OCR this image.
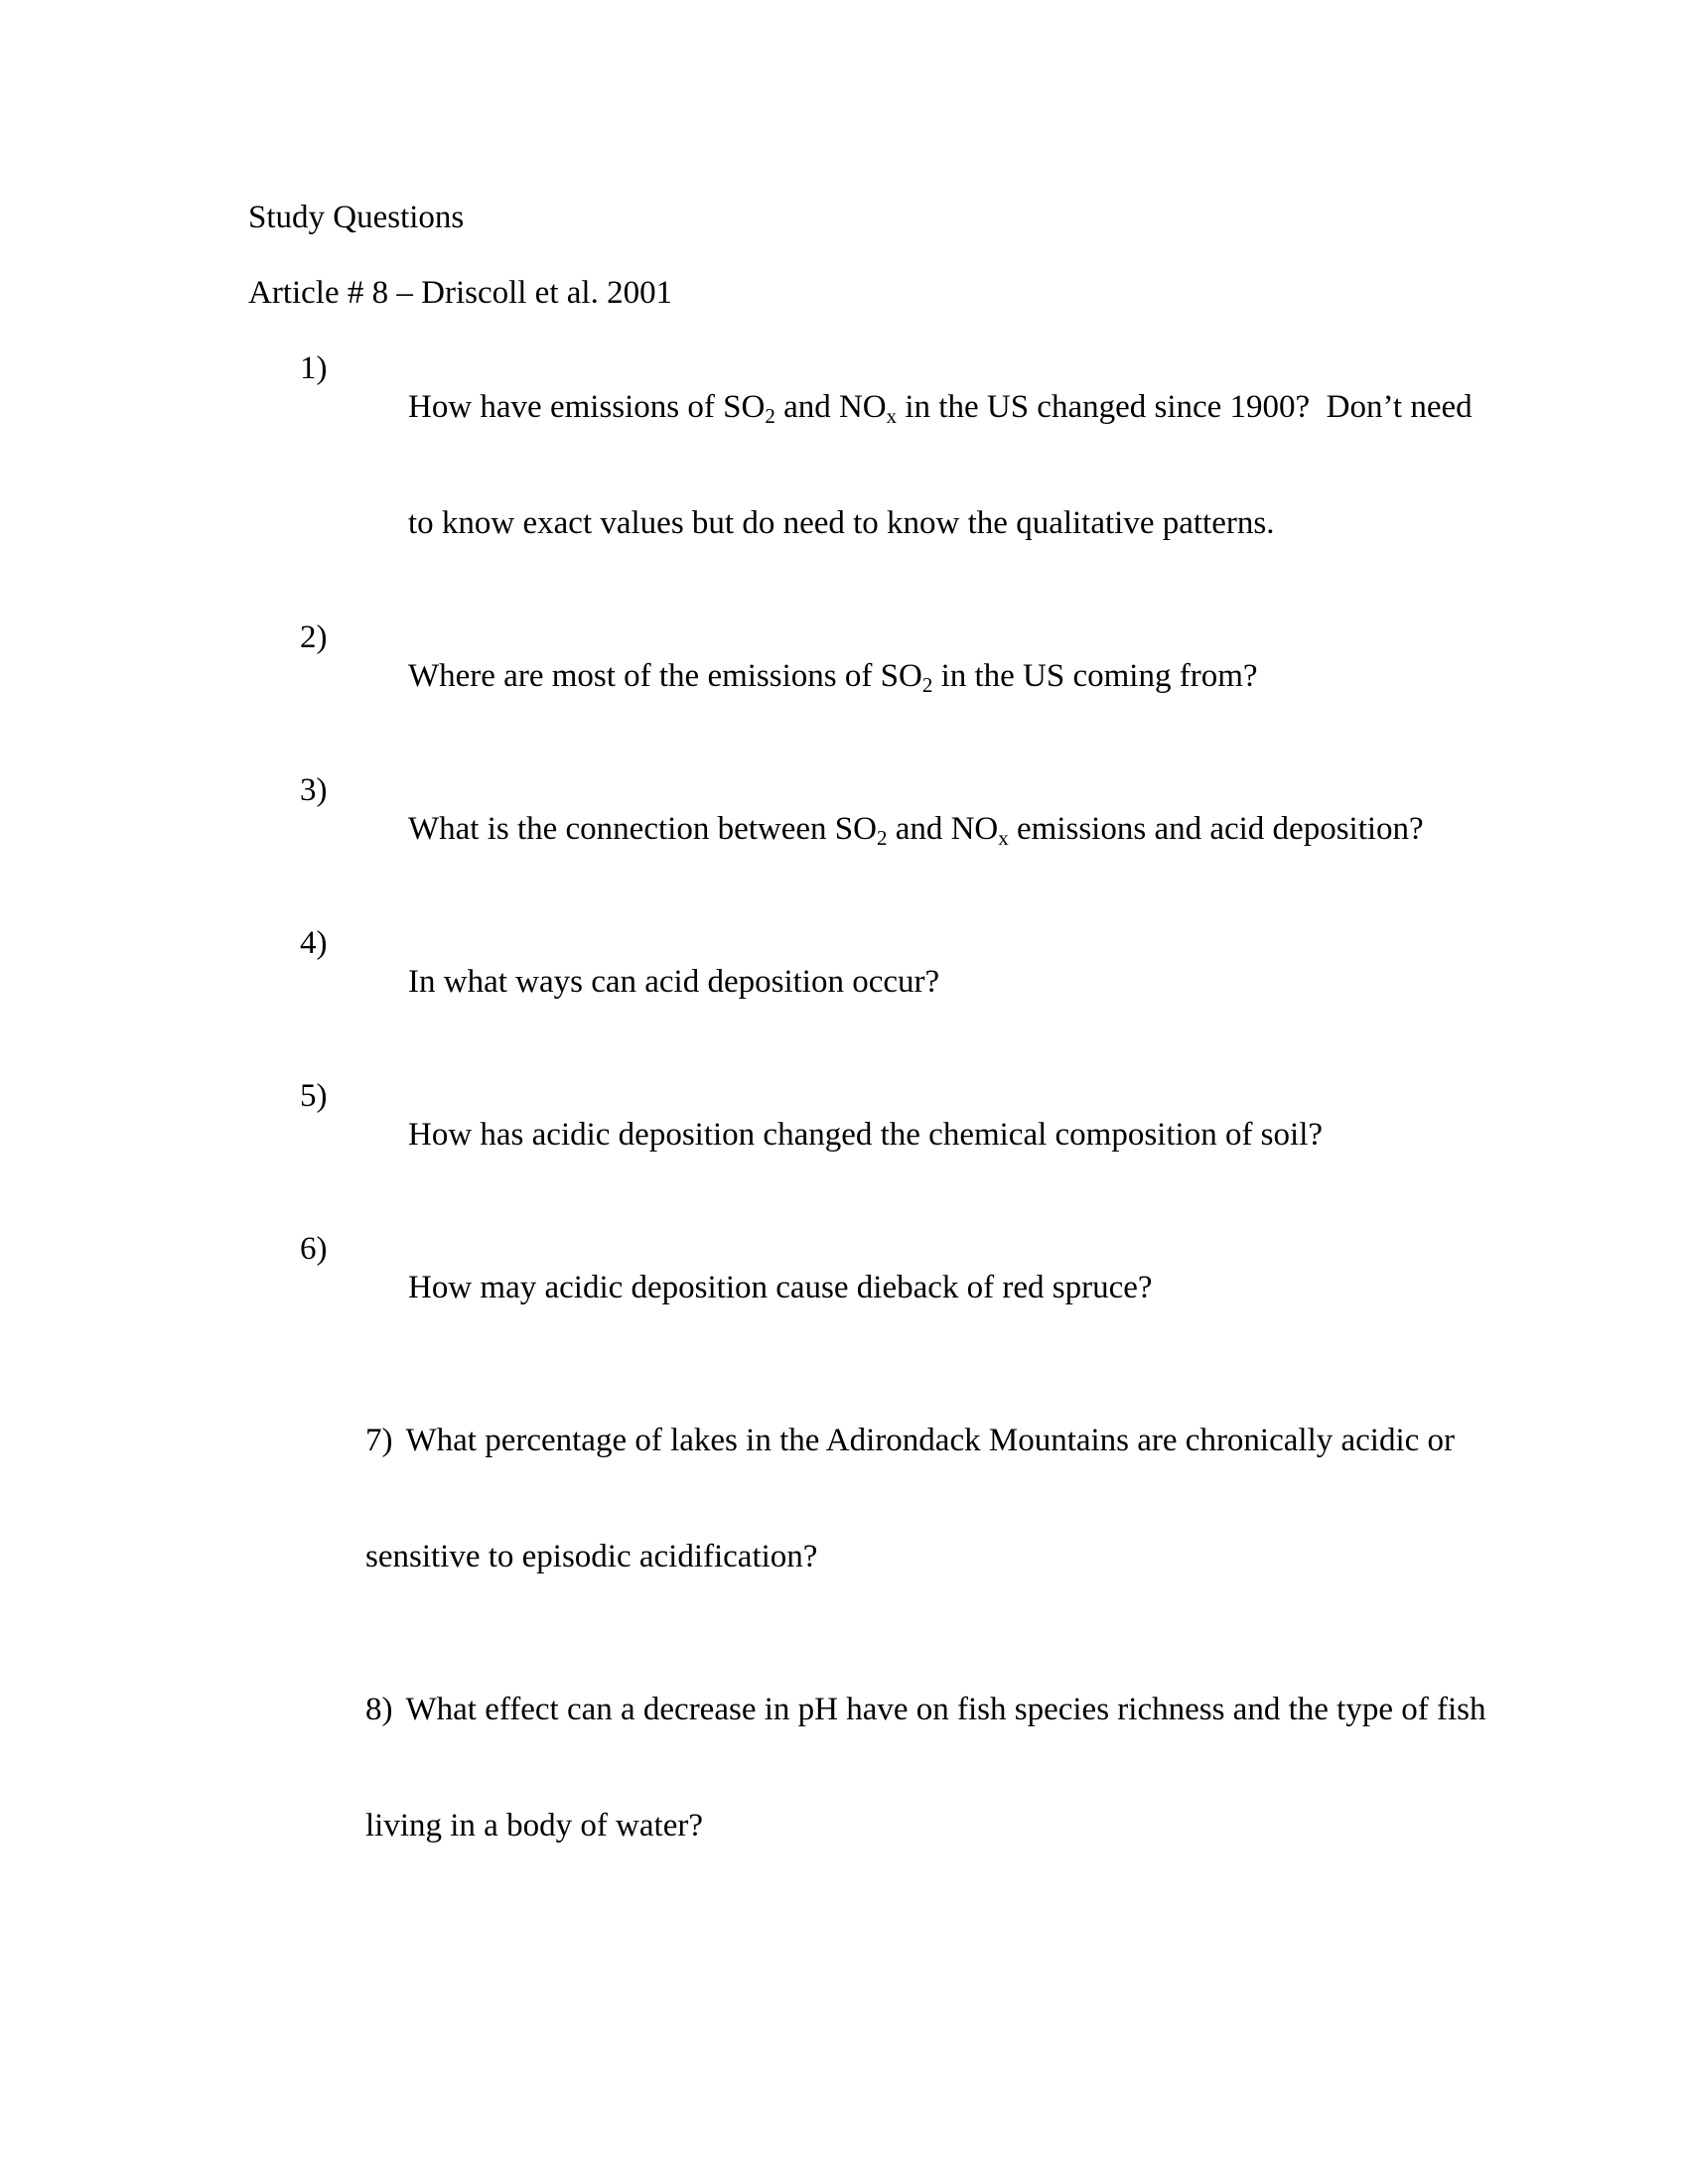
Study Questions
Article # 8 – Driscoll et al. 2001

1)
How have emissions of $SO_2$ and $NO_x$ in the US changed since 1900?  Don’t need

to know exact values but do need to know the qualitative patterns.

2)
Where are most of the emissions of $SO_2$ in the US coming from?

3)
What is the connection between $SO_2$ and $NO_x$ emissions and acid deposition?

4)
In what ways can acid deposition occur?

5)
How has acidic deposition changed the chemical composition of soil?

6)
How may acidic deposition cause dieback of red spruce?

7) What percentage of lakes in the Adirondack Mountains are chronically acidic or

sensitive to episodic acidification?

8) What effect can a decrease in pH have on fish species richness and the type of fish

living in a body of water?
